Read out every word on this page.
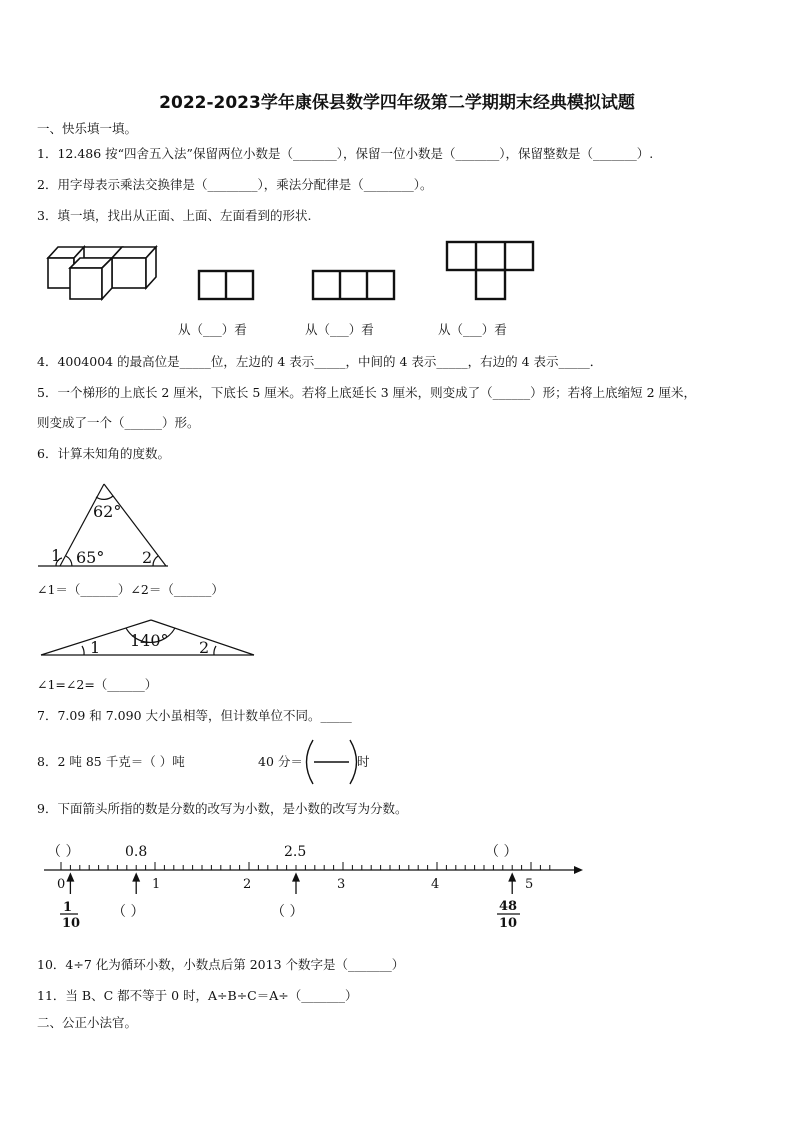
2022-2023学年康保县数学四年级第二学期期末经典模拟试题
一、快乐填一填。
1．12.486 按“四舍五入法”保留两位小数是（_______），保留一位小数是（_______），保留整数是（_______）.
2．用字母表示乘法交换律是（________），乘法分配律是（________）。
3．填一填，找出从正面、上面、左面看到的形状.
从（___）看	从（___）看	从（___）看
4．4004004 的最高位是_____位，左边的 4 表示_____，中间的 4 表示_____，右边的 4 表示_____．
5．一个梯形的上底长 2 厘米，下底长 5 厘米。若将上底延长 3 厘米，则变成了（______）形；若将上底缩短 2 厘米，
则变成了一个（______）形。
6．计算未知角的度数。
62°
65°
1	2
140°
1	2
∠1＝（______）∠2＝（______）
∠1=∠2=（______）
7．7.09 和 7.090 大小虽相等，但计数单位不同。_____
8．2 吨 85 千克＝（ ）吨	40 分＝	时
9．下面箭头所指的数是分数的改写为小数，是小数的改写为分数。
（ ）	0.8	2.5	（ ）
0	1	2	3	4	5
1
10
（ ）	（ ）	48
10
10．4÷7 化为循环小数，小数点后第 2013 个数字是（_______）
11．当 B、C 都不等于 0 时，A÷B÷C＝A÷（_______）
二、公正小法官。
